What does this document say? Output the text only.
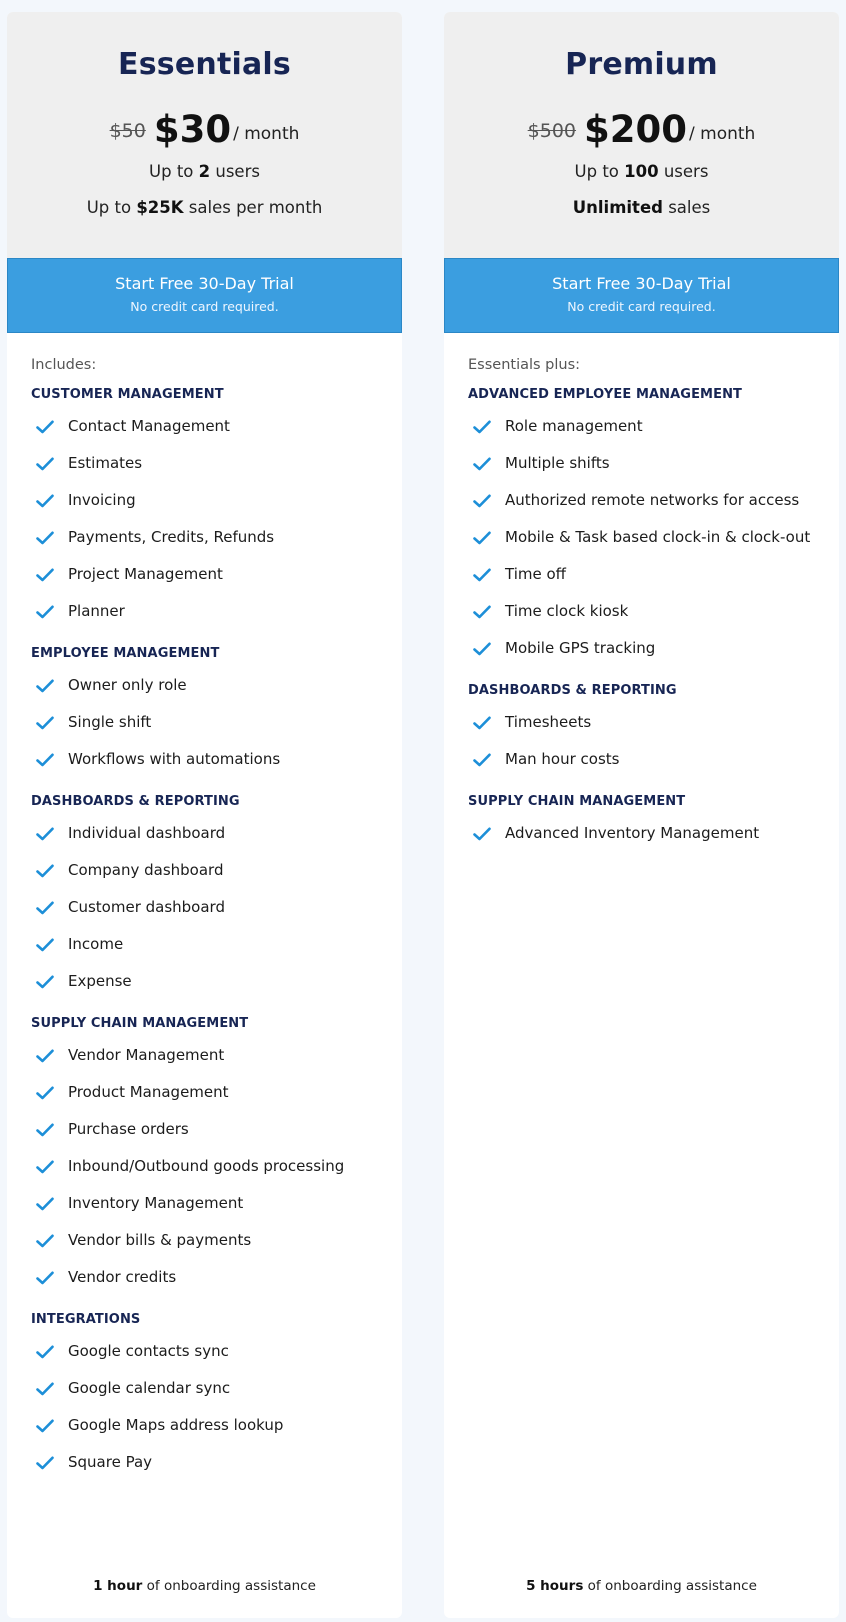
Essentials
$50 $30 / month
Up to 2 users
Up to $25K sales per month
Start Free 30-Day Trial
No credit card required.
Includes:
CUSTOMER MANAGEMENT
Contact Management
Estimates
Invoicing
Payments, Credits, Refunds
Project Management
Planner
EMPLOYEE MANAGEMENT
Owner only role
Single shift
Workflows with automations
DASHBOARDS & REPORTING
Individual dashboard
Company dashboard
Customer dashboard
Income
Expense
SUPPLY CHAIN MANAGEMENT
Vendor Management
Product Management
Purchase orders
Inbound/Outbound goods processing
Inventory Management
Vendor bills & payments
Vendor credits
INTEGRATIONS
Google contacts sync
Google calendar sync
Google Maps address lookup
Square Pay
1 hour of onboarding assistance
Premium
$500 $200 / month
Up to 100 users
Unlimited sales
Start Free 30-Day Trial
No credit card required.
Essentials plus:
ADVANCED EMPLOYEE MANAGEMENT
Role management
Multiple shifts
Authorized remote networks for access
Mobile & Task based clock-in & clock-out
Time off
Time clock kiosk
Mobile GPS tracking
DASHBOARDS & REPORTING
Timesheets
Man hour costs
SUPPLY CHAIN MANAGEMENT
Advanced Inventory Management
5 hours of onboarding assistance
